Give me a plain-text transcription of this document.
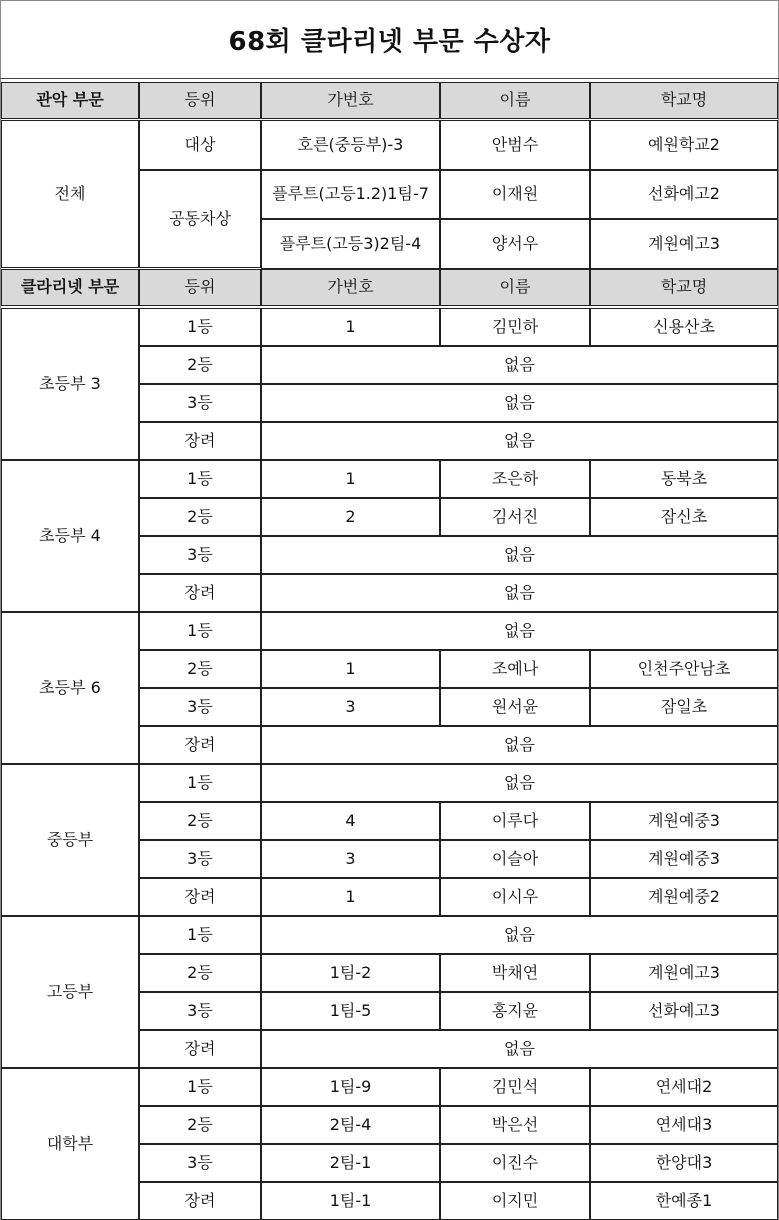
68회 클라리넷 부문 수상자
관악 부문	등위	가번호	이름	학교명
전체
대상	호른(중등부)-3	안범수	예원학교2
공동차상
플루트(고등1.2)1팀-7	이재원	선화예고2
플루트(고등3)2팀-4	양서우	계원예고3
클라리넷 부문	등위	가번호	이름	학교명
초등부 3
1등	1	김민하	신용산초
2등	없음
3등	없음
장려	없음
초등부 4
1등	1	조은하	동북초
2등	2	김서진	잠신초
3등	없음
장려	없음
초등부 6
1등	없음
2등	1	조예나	인천주안남초
3등	3	원서윤	잠일초
장려	없음
중등부
1등	없음
2등	4	이루다	계원예중3
3등	3	이슬아	계원예중3
장려	1	이시우	계원예중2
고등부
1등	없음
2등	1팀-2	박채연	계원예고3
3등	1팀-5	홍지윤	선화예고3
장려	없음
대학부
1등	1팀-9	김민석	연세대2
2등	2팀-4	박은선	연세대3
3등	2팀-1	이진수	한양대3
장려	1팀-1	이지민	한예종1
